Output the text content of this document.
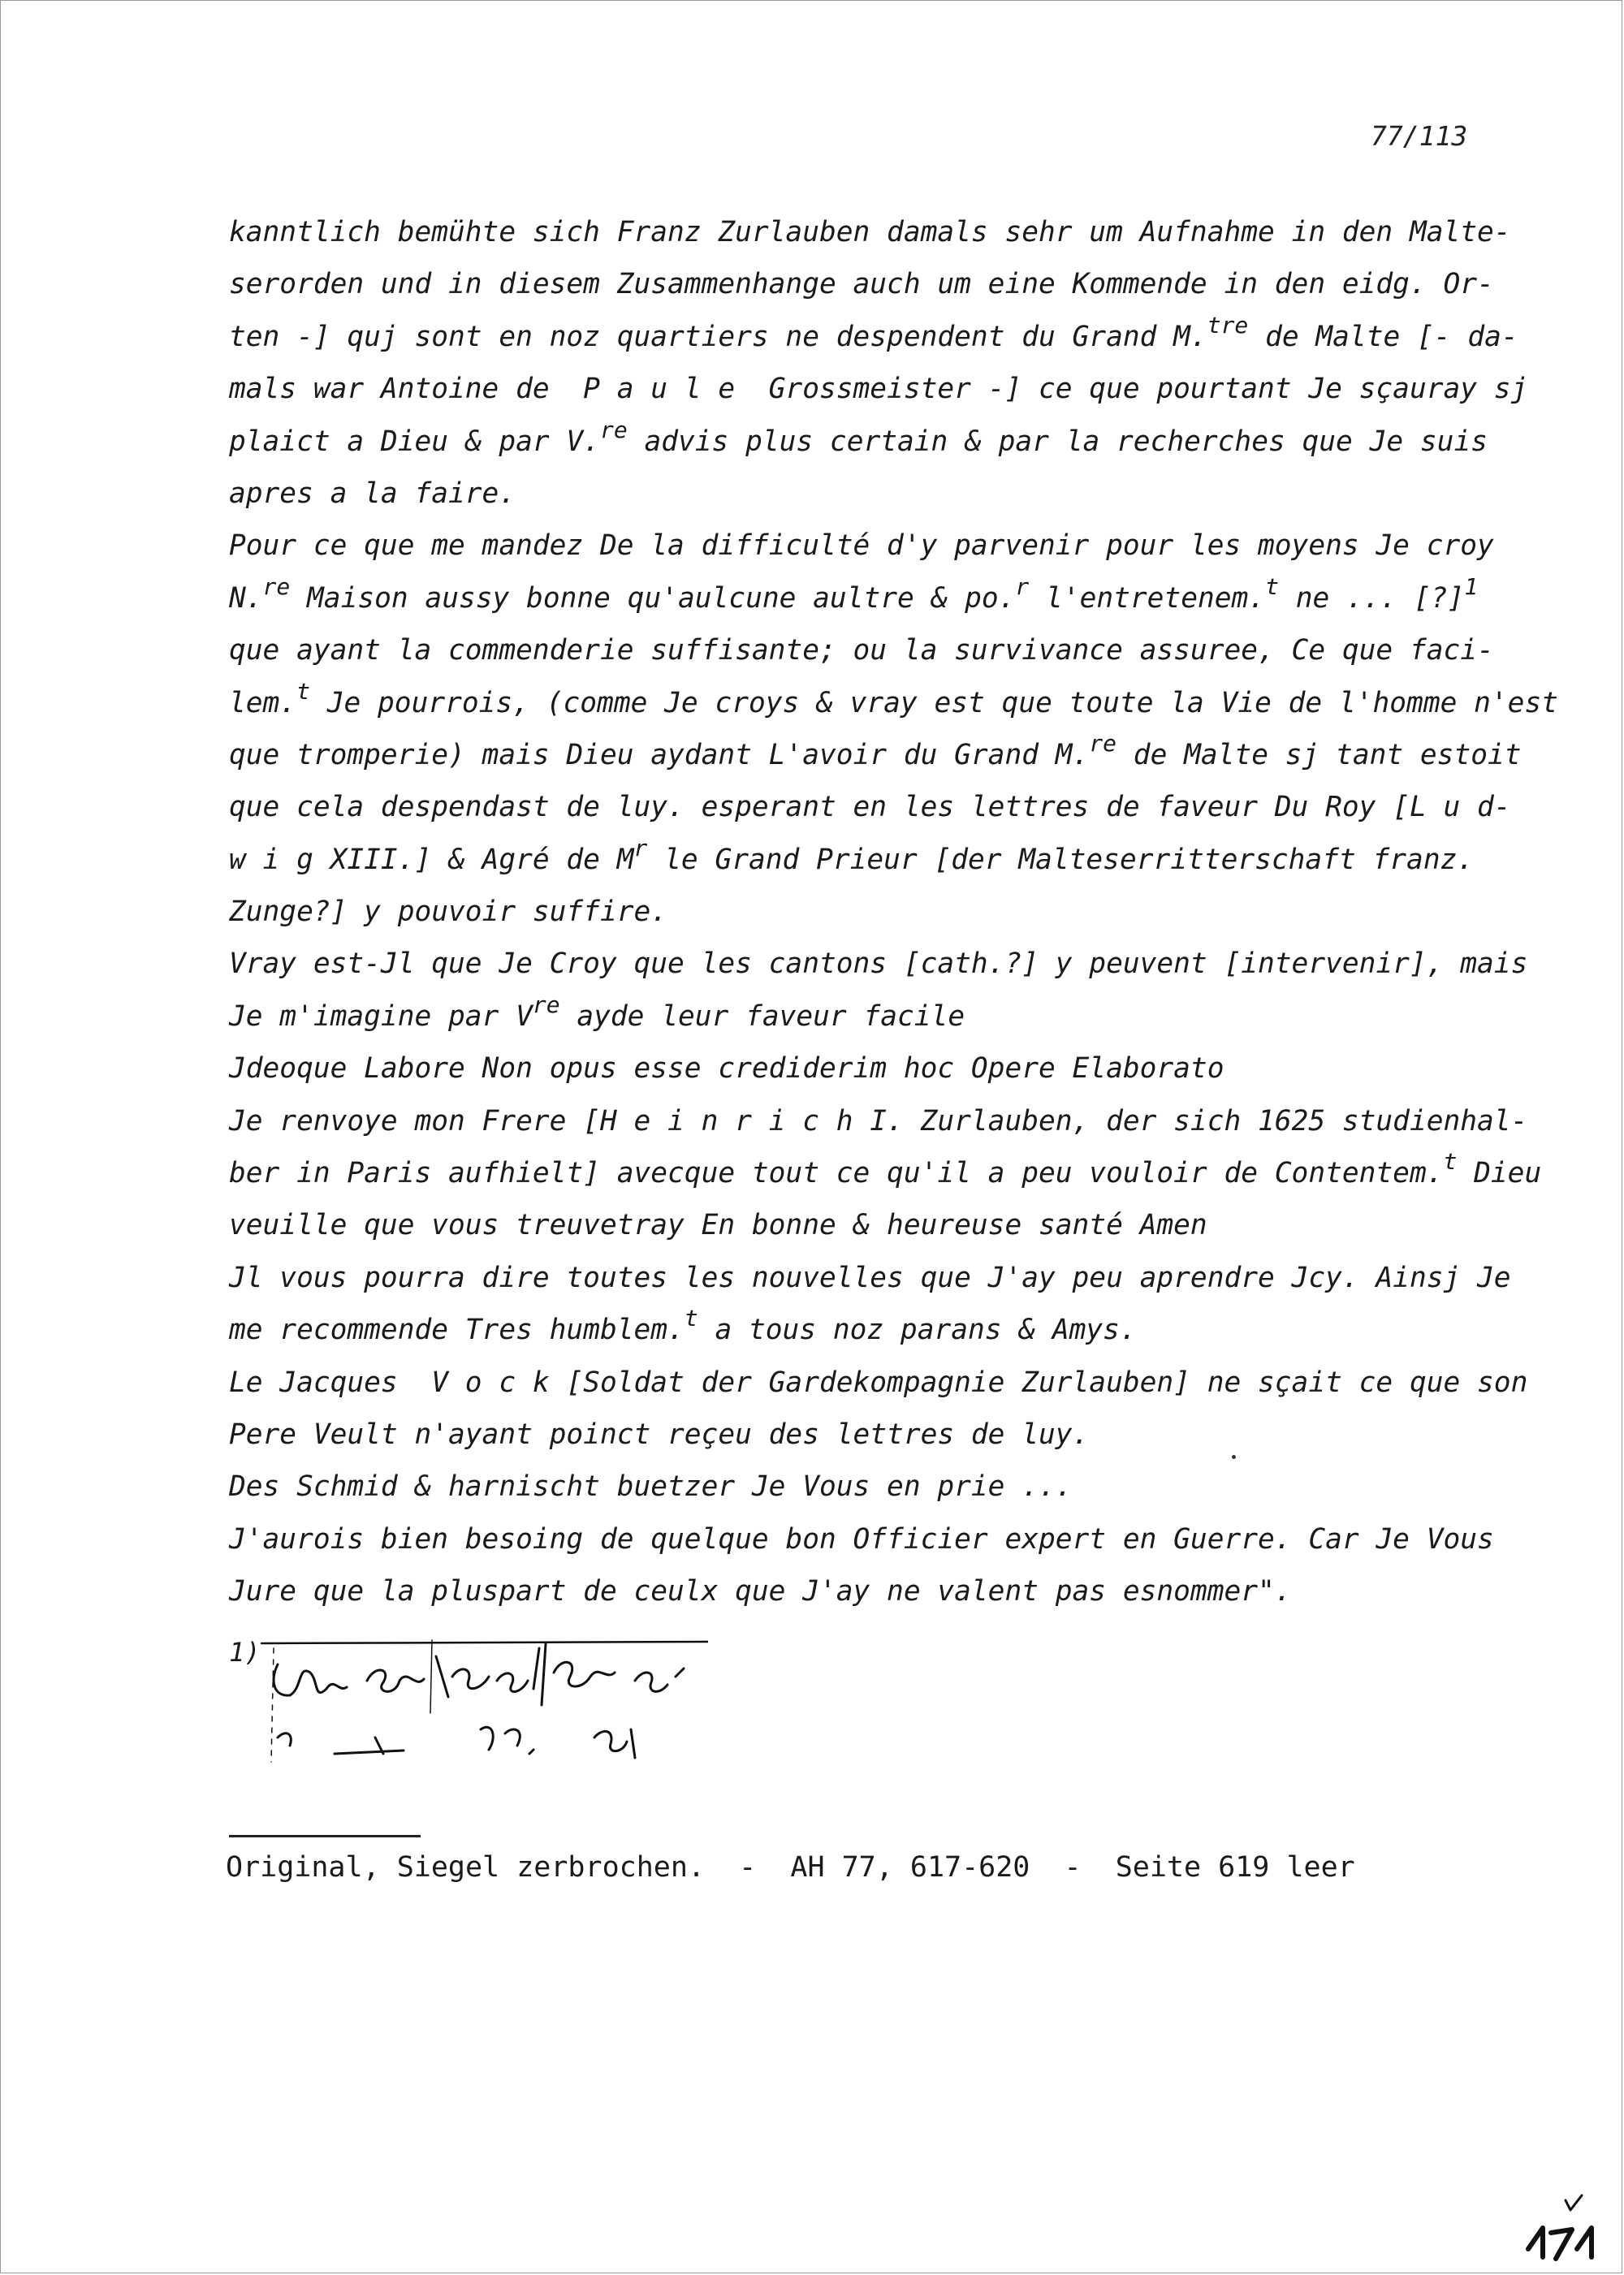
77/113
kanntlich bemühte sich Franz Zurlauben damals sehr um Aufnahme in den Malte-
serorden und in diesem Zusammenhange auch um eine Kommende in den eidg. Or-
ten -] quj sont en noz quartiers ne despendent du Grand M.$^{tre}$ de Malte [- da-
mals war Antoine de  P a u l e  Grossmeister -] ce que pourtant Je sçauray sj
plaict a Dieu & par V.$^{re}$ advis plus certain & par la recherches que Je suis
apres a la faire.
Pour ce que me mandez De la difficulté d'y parvenir pour les moyens Je croy
N.$^{re}$ Maison aussy bonne qu'aulcune aultre & po.$^r$ l'entretenem.$^t$ ne ... [?]$^1$
que ayant la commenderie suffisante; ou la survivance assuree, Ce que faci-
lem.$^t$ Je pourrois, (comme Je croys & vray est que toute la Vie de l'homme n'est
que tromperie) mais Dieu aydant L'avoir du Grand M.$^{re}$ de Malte sj tant estoit
que cela despendast de luy. esperant en les lettres de faveur Du Roy [L u d-
w i g XIII.] & Agré de $M^r$ le Grand Prieur [der Malteserritterschaft franz.
Zunge?] y pouvoir suffire.
Vray est-Jl que Je Croy que les cantons [cath.?] y peuvent [intervenir], mais
Je m'imagine par Vre ayde leur faveur facile
Jdeoque Labore Non opus esse crediderim hoc Opere Elaborato
Je renvoye mon Frere [H e i n r i c h I. Zurlauben, der sich 1625 studienhal-
ber in Paris aufhielt] avecque tout ce qu'il a peu vouloir de Contentem.$^t$ Dieu
veuille que vous treuvetray En bonne & heureuse santé Amen
Jl vous pourra dire toutes les nouvelles que J'ay peu aprendre Jcy. Ainsj Je
me recommende Tres humblem.$^t$ a tous noz parans & Amys.
Le Jacques  V o c k [Soldat der Gardekompagnie Zurlauben] ne sçait ce que son
Pere Veult n'ayant poinct reçeu des lettres de luy.
Des Schmid & harnischt buetzer Je Vous en prie ...
J'aurois bien besoing de quelque bon Officier expert en Guerre. Car Je Vous
Jure que la pluspart de ceulx que J'ay ne valent pas esnommer".
1)
Original, Siegel zerbrochen.  -  AH 77, 617-620  -  Seite 619 leer
